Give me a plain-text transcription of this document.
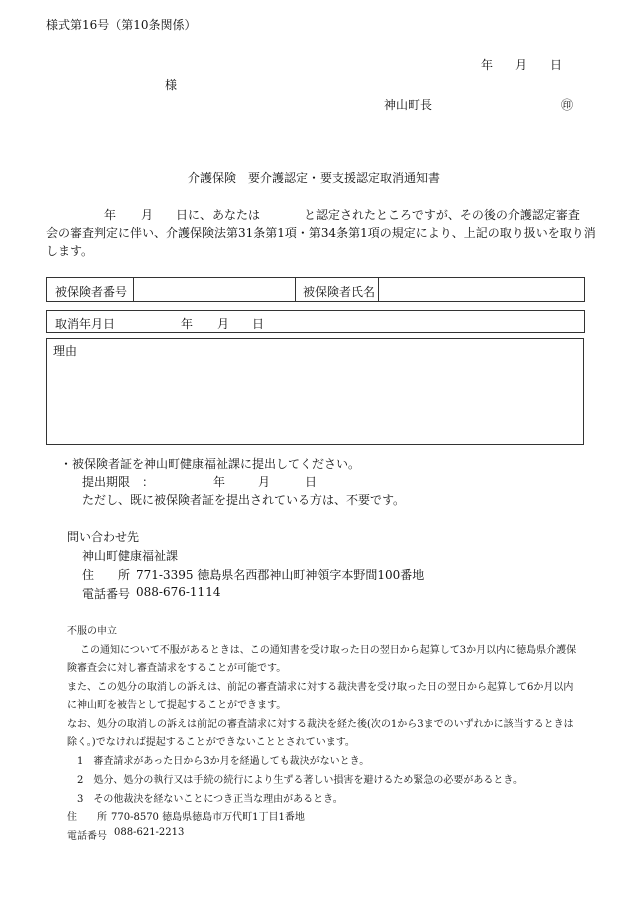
様式第16号（第10条関係）
年 月 日
様
神山町長	㊞
介護保険　要介護認定・要支援認定取消通知書
年 月 日に、あなたは	と認定されたところですが、その後の介護認定審査
会の審査判定に伴い、介護保険法第31条第1項・第34条第1項の規定により、上記の取り扱いを取り消
します。
被保険者番号	被保険者氏名
取消年月日	年 月 日
理由
・被保険者証を神山町健康福祉課に提出してください。
提出期限　：	年	月	日
ただし、既に被保険者証を提出されている方は、不要です。
問い合わせ先
神山町健康福祉課
住　　所 771-3395 徳島県名西郡神山町神領字本野間100番地
電話番号 088-676-1114
不服の申立
この通知について不服があるときは、この通知書を受け取った日の翌日から起算して3か月以内に徳島県介護保
険審査会に対し審査請求をすることが可能です。
また、この処分の取消しの訴えは、前記の審査請求に対する裁決書を受け取った日の翌日から起算して6か月以内
に神山町を被告として提起することができます。
なお、処分の取消しの訴えは前記の審査請求に対する裁決を経た後(次の1から3までのいずれかに該当するときは
除く。)でなければ提起することができないこととされています。
1　審査請求があった日から3か月を経過しても裁決がないとき。
2　処分、処分の執行又は手続の続行により生ずる著しい損害を避けるため緊急の必要があるとき。
3　その他裁決を経ないことにつき正当な理由があるとき。
住　　所 770-8570 徳島県徳島市万代町1丁目1番地
電話番号 088-621-2213
